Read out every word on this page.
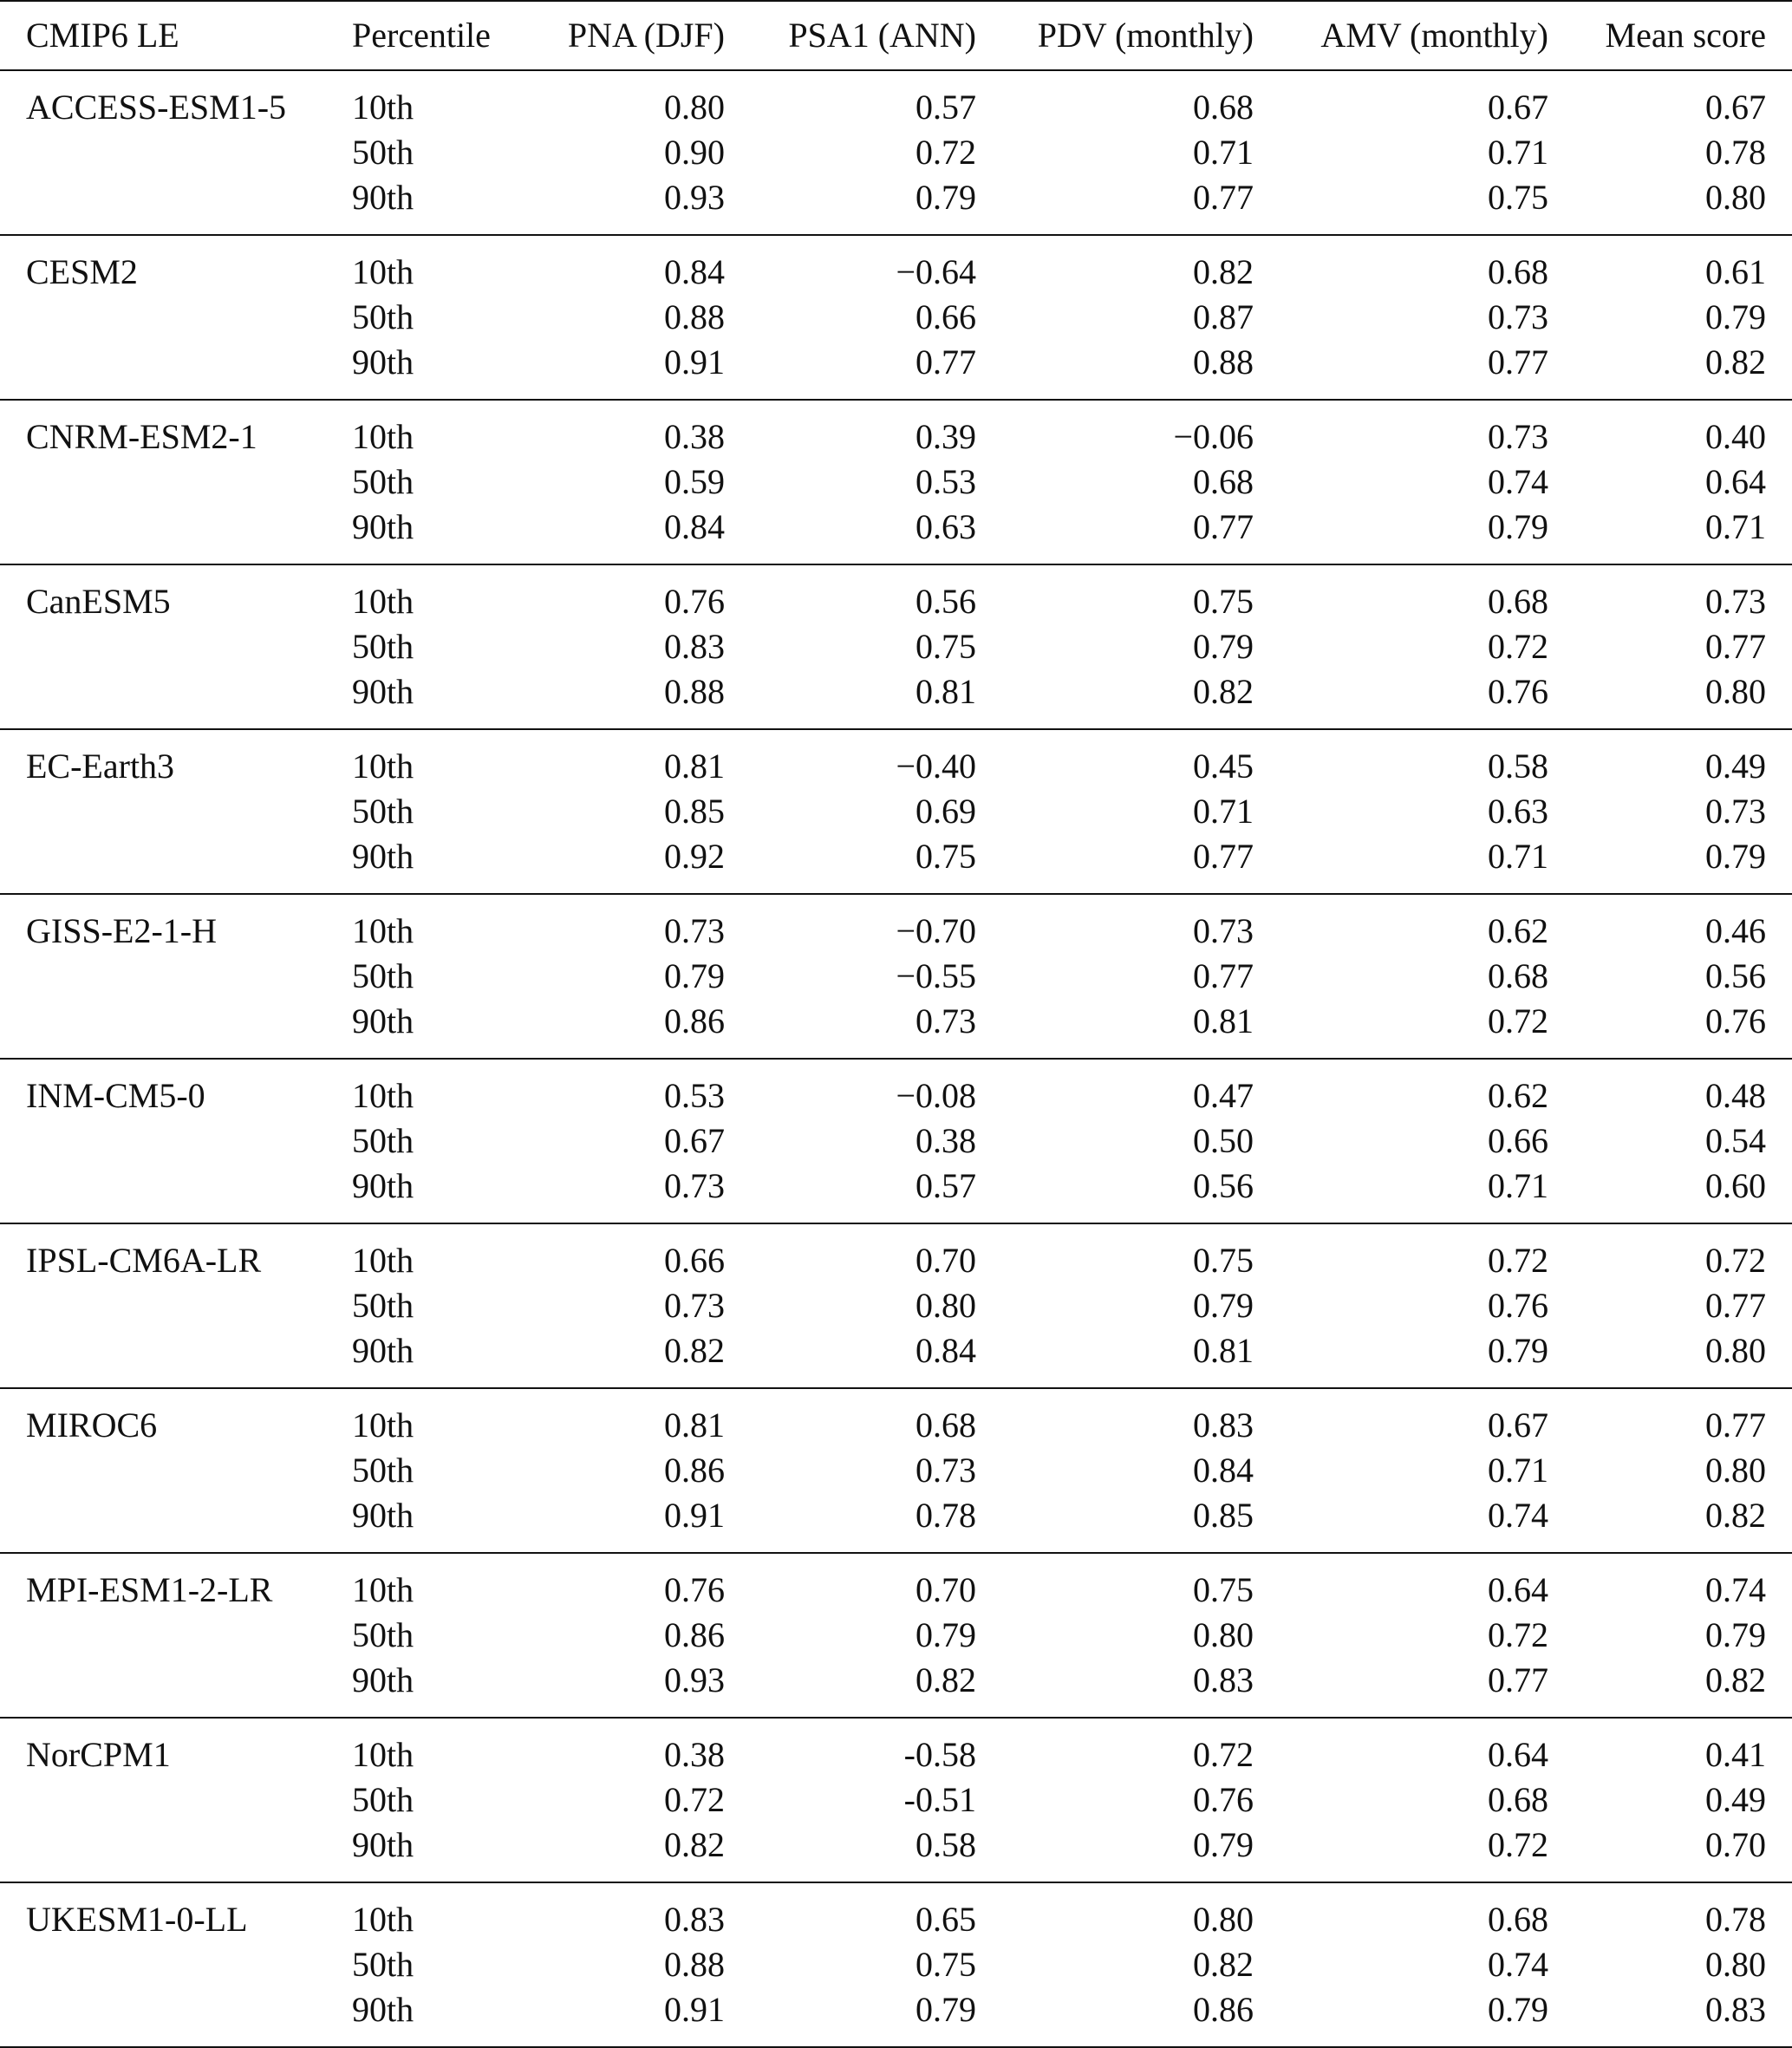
CMIP6 LE	Percentile	PNA (DJF)	PSA1 (ANN)	PDV (monthly)	AMV (monthly)	Mean score
ACCESS-ESM1-5	10th	0.80	0.57	0.68	0.67	0.67
	50th	0.90	0.72	0.71	0.71	0.78
	90th	0.93	0.79	0.77	0.75	0.80
CESM2	10th	0.84	−0.64	0.82	0.68	0.61
	50th	0.88	0.66	0.87	0.73	0.79
	90th	0.91	0.77	0.88	0.77	0.82
CNRM-ESM2-1	10th	0.38	0.39	−0.06	0.73	0.40
	50th	0.59	0.53	0.68	0.74	0.64
	90th	0.84	0.63	0.77	0.79	0.71
CanESM5	10th	0.76	0.56	0.75	0.68	0.73
	50th	0.83	0.75	0.79	0.72	0.77
	90th	0.88	0.81	0.82	0.76	0.80
EC-Earth3	10th	0.81	−0.40	0.45	0.58	0.49
	50th	0.85	0.69	0.71	0.63	0.73
	90th	0.92	0.75	0.77	0.71	0.79
GISS-E2-1-H	10th	0.73	−0.70	0.73	0.62	0.46
	50th	0.79	−0.55	0.77	0.68	0.56
	90th	0.86	0.73	0.81	0.72	0.76
INM-CM5-0	10th	0.53	−0.08	0.47	0.62	0.48
	50th	0.67	0.38	0.50	0.66	0.54
	90th	0.73	0.57	0.56	0.71	0.60
IPSL-CM6A-LR	10th	0.66	0.70	0.75	0.72	0.72
	50th	0.73	0.80	0.79	0.76	0.77
	90th	0.82	0.84	0.81	0.79	0.80
MIROC6	10th	0.81	0.68	0.83	0.67	0.77
	50th	0.86	0.73	0.84	0.71	0.80
	90th	0.91	0.78	0.85	0.74	0.82
MPI-ESM1-2-LR	10th	0.76	0.70	0.75	0.64	0.74
	50th	0.86	0.79	0.80	0.72	0.79
	90th	0.93	0.82	0.83	0.77	0.82
NorCPM1	10th	0.38	-0.58	0.72	0.64	0.41
	50th	0.72	-0.51	0.76	0.68	0.49
	90th	0.82	0.58	0.79	0.72	0.70
UKESM1-0-LL	10th	0.83	0.65	0.80	0.68	0.78
	50th	0.88	0.75	0.82	0.74	0.80
	90th	0.91	0.79	0.86	0.79	0.83
